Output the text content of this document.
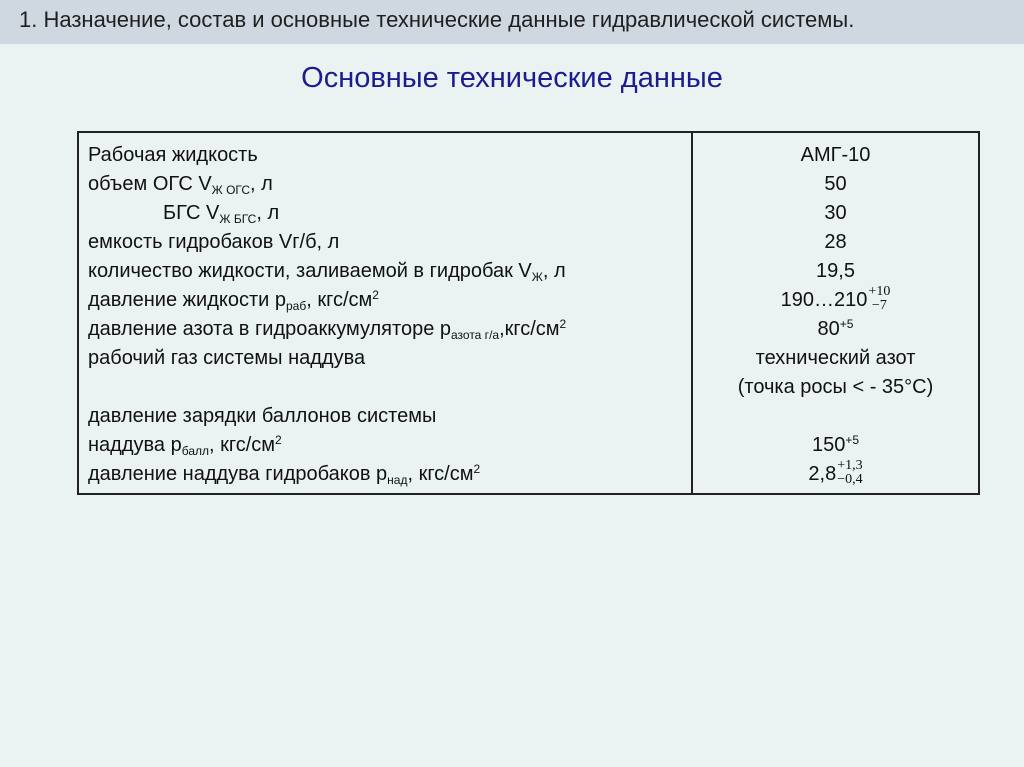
1. Назначение, состав и основные технические данные гидравлической системы.
Основные технические данные
Рабочая жидкость
объем ОГС $V_{Ж ОГС}$, л
БГС $V_{Ж БГС}$, л
емкость гидробаков Vг/б, л
количество жидкости, заливаемой в гидробак $V_Ж$, л
давление жидкости $р_{раб}$, кгс/$см^2$
давление азота в гидроаккумуляторе $р_{азота г/а},кгс/см^2$
рабочий газ системы наддува
давление зарядки баллонов системы
наддува $р_{балл}$, кгс/$см^2$
давление наддува гидробаков $р_{над}$, кгс/$см^2$
АМГ-10
50
30
28
19,5
190…210 +10
−7
$80^{+5}$
технический азот
(точка росы < - 35°С)
$150^{+5}$
2,8 +1,3
−0,4
